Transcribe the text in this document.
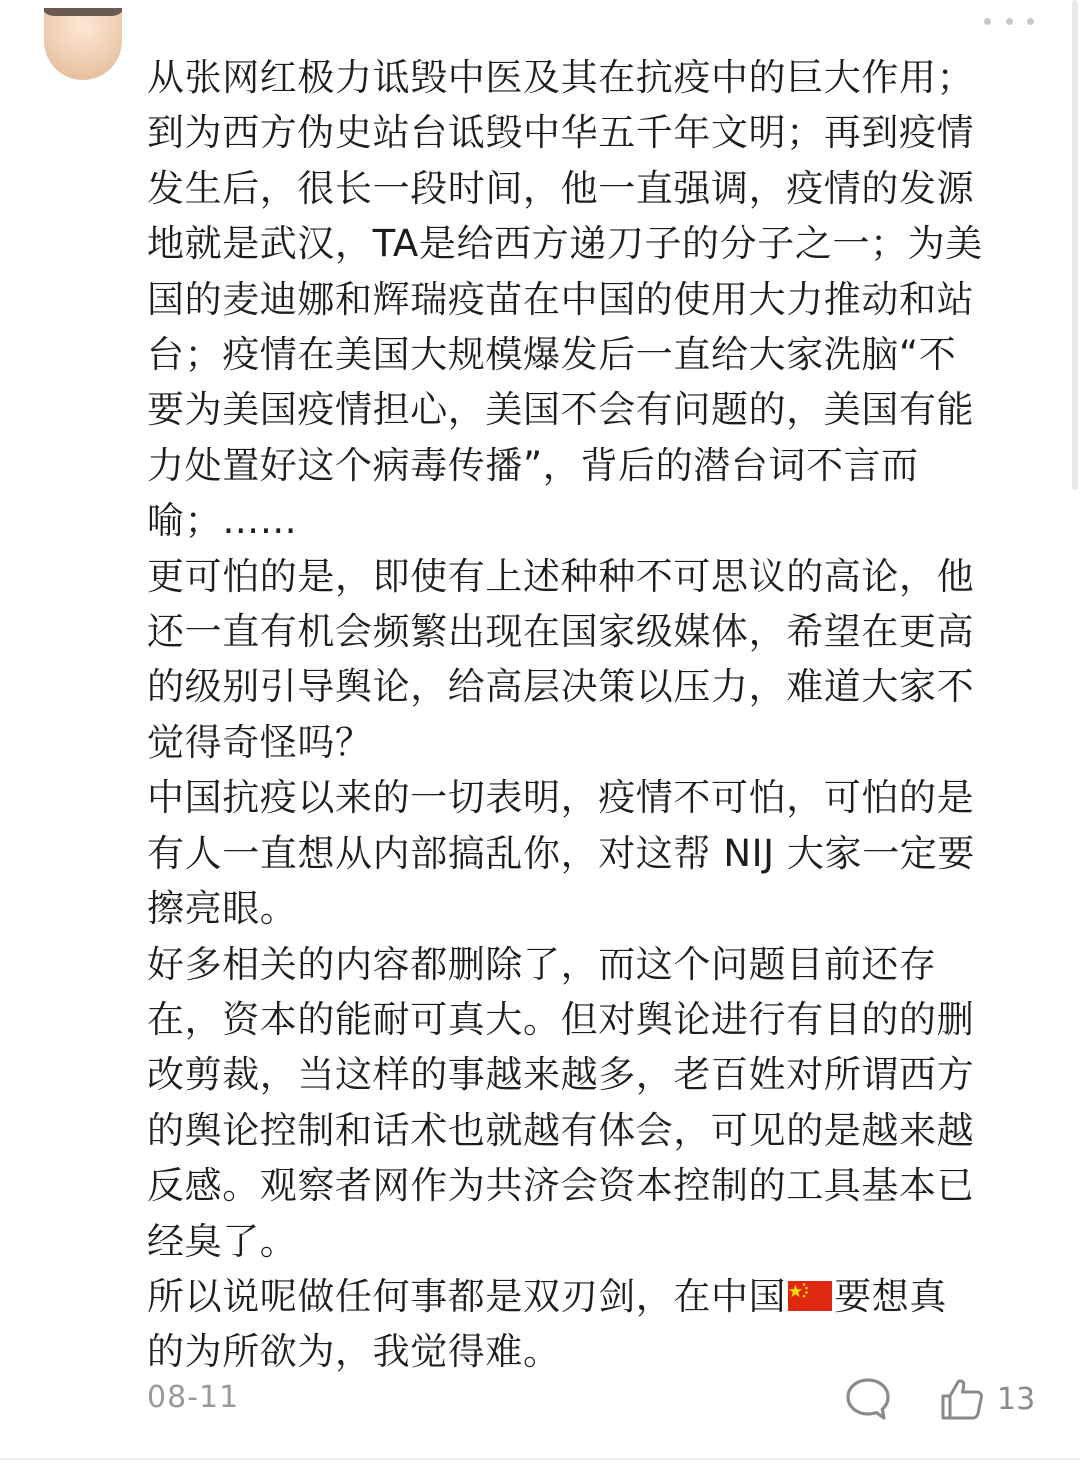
从张网红极力诋毁中医及其在抗疫中的巨大作用；
到为西方伪史站台诋毁中华五千年文明；再到疫情
发生后，很长一段时间，他一直强调，疫情的发源
地就是武汉，TA是给西方递刀子的分子之一；为美
国的麦迪娜和辉瑞疫苗在中国的使用大力推动和站
台；疫情在美国大规模爆发后一直给大家洗脑“不
要为美国疫情担心，美国不会有问题的，美国有能
力处置好这个病毒传播”，背后的潜台词不言而
喻；……

更可怕的是，即使有上述种种不可思议的高论，他
还一直有机会频繁出现在国家级媒体，希望在更高
的级别引导舆论，给高层决策以压力，难道大家不
觉得奇怪吗？

中国抗疫以来的一切表明，疫情不可怕，可怕的是
有人一直想从内部搞乱你，对这帮 NIJ 大家一定要
擦亮眼。

好多相关的内容都删除了，而这个问题目前还存
在，资本的能耐可真大。但对舆论进行有目的的删
改剪裁，当这样的事越来越多，老百姓对所谓西方
的舆论控制和话术也就越有体会，可见的是越来越
反感。观察者网作为共济会资本控制的工具基本已
经臭了。

所以说呢做任何事都是双刃剑，在中国 要想真
的为所欲为，我觉得难。

08-11	13
